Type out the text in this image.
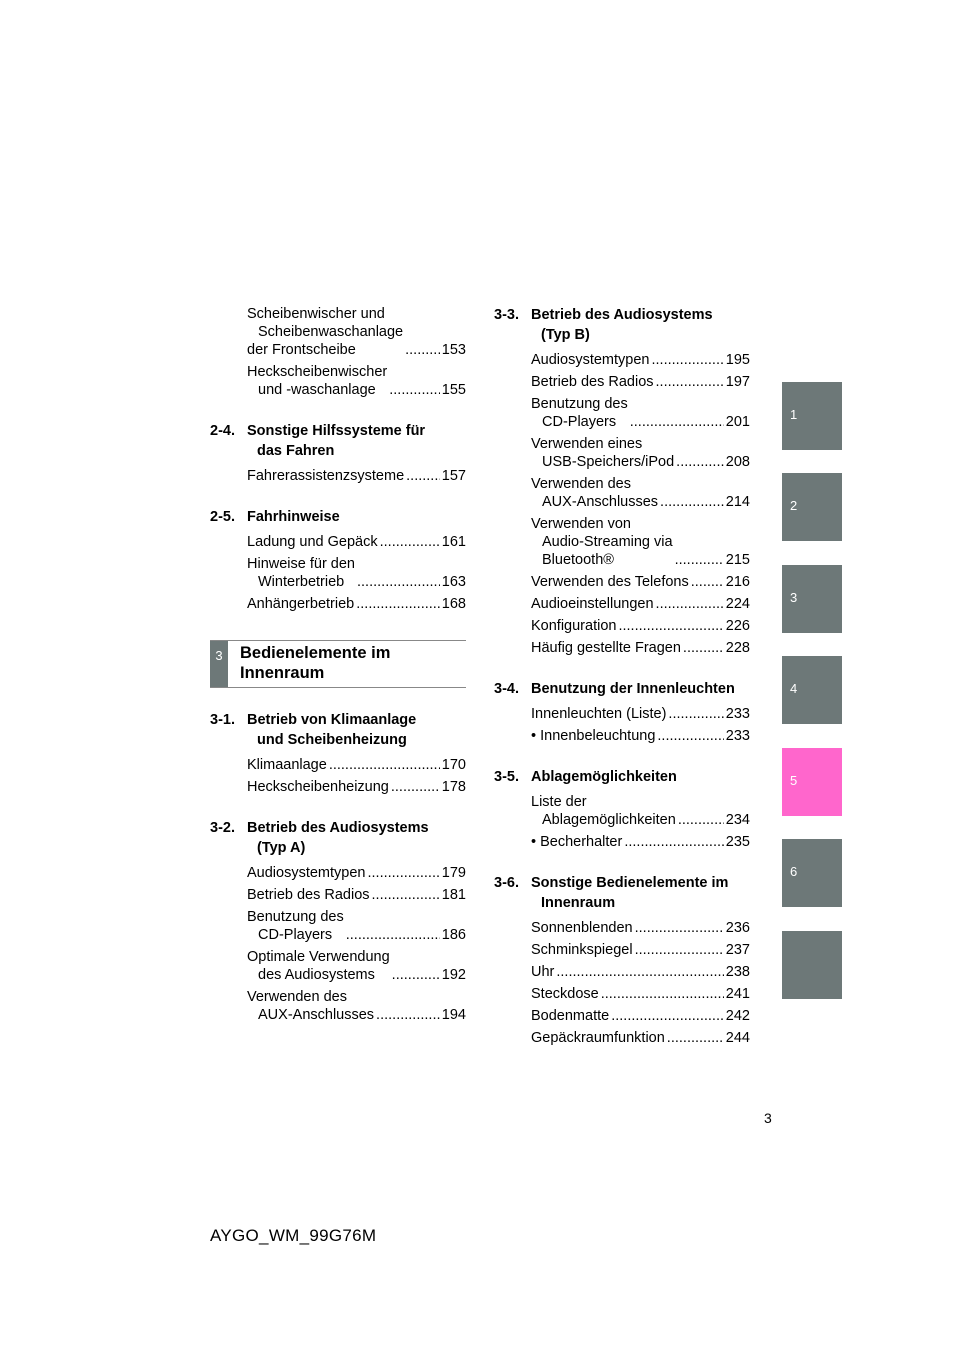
Scheibenwischer und
Scheibenwaschanlage
der Frontscheibe .....	153
Heckscheibenwischer
und -waschanlage .....	155
2-4. Sonstige Hilfssysteme für
das Fahren
Fahrerassistenzsysteme .....	157
2-5. Fahrhinweise
Ladung und Gepäck .....	161
Hinweise für den
Winterbetrieb .....	163
Anhängerbetrieb .....	168
3	Bedienelemente im
Innenraum
3-1. Betrieb von Klimaanlage
und Scheibenheizung
Klimaanlage .....	170
Heckscheibenheizung .....	178
3-2. Betrieb des Audiosystems
(Typ A)
Audiosystemtypen .....	179
Betrieb des Radios .....	181
Benutzung des
CD-Players .....	186
Optimale Verwendung
des Audiosystems .....	192
Verwenden des
AUX-Anschlusses .....	194
3-3. Betrieb des Audiosystems
(Typ B)
Audiosystemtypen .....	195
Betrieb des Radios .....	197
Benutzung des
CD-Players .....	201
Verwenden eines
USB-Speichers/iPod .....	208
Verwenden des
AUX-Anschlusses .....	214
Verwenden von
Audio-Streaming via
Bluetooth® .....	215
Verwenden des Telefons .....	216
Audioeinstellungen .....	224
Konfiguration .....	226
Häufig gestellte Fragen .....	228
3-4. Benutzung der Innenleuchten
Innenleuchten (Liste) .....	233
• Innenbeleuchtung .....	233
3-5. Ablagemöglichkeiten
Liste der
Ablagemöglichkeiten .....	234
• Becherhalter .....	235
3-6. Sonstige Bedienelemente im
Innenraum
Sonnenblenden .....	236
Schminkspiegel .....	237
Uhr .....	238
Steckdose .....	241
Bodenmatte .....	242
Gepäckraumfunktion .....	244
1
2
3
4
5
6
3
AYGO_WM_99G76M
